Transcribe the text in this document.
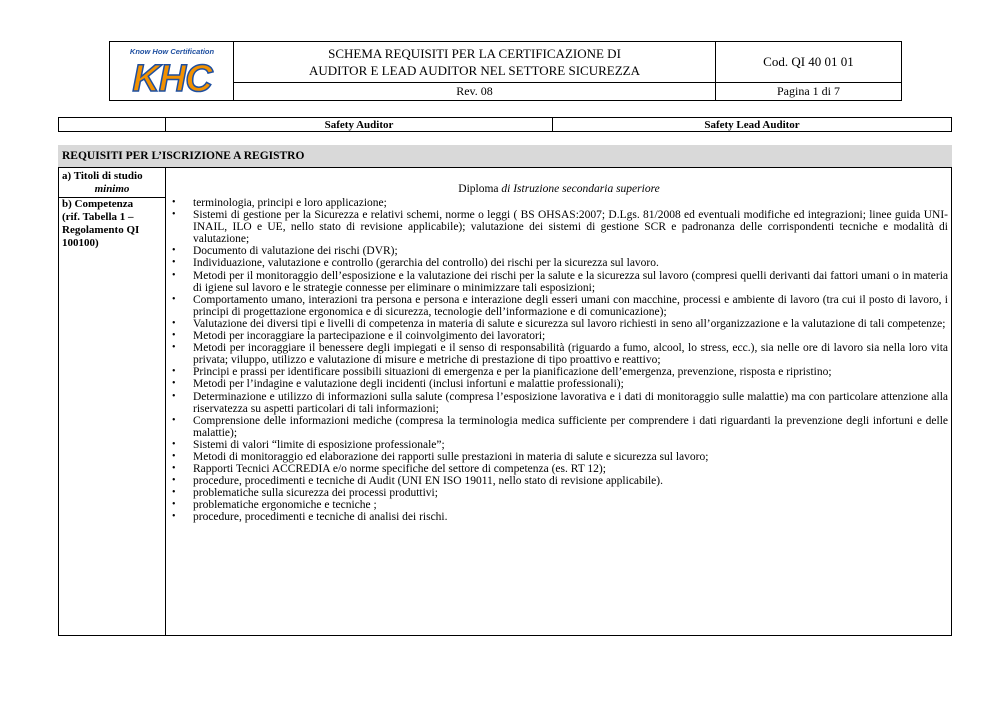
Know How Certification
KHC
SCHEMA REQUISITI PER LA CERTIFICAZIONE DI
AUDITOR E LEAD AUDITOR NEL SETTORE SICUREZZA
Cod. QI 40 01 01
Rev. 08	Pagina 1 di 7
Safety Auditor	Safety Lead Auditor
REQUISITI PER L’ISCRIZIONE A REGISTRO
a) Titoli di studio
minimo	Diploma di Istruzione secondaria superiore
b) Competenza
(rif. Tabella 1 –
Regolamento QI
100100)
• terminologia, principi e loro applicazione;
• Sistemi di gestione per la Sicurezza e relativi schemi, norme o leggi ( BS OHSAS:2007; D.Lgs. 81/2008 ed eventuali modifiche ed integrazioni; linee guida UNI-INAIL, ILO e UE, nello stato di revisione applicabile); valutazione dei sistemi di gestione SCR e padronanza delle corrispondenti tecniche e modalità di valutazione;
• Documento di valutazione dei rischi (DVR);
• Individuazione, valutazione e controllo (gerarchia del controllo) dei rischi per la sicurezza sul lavoro.
• Metodi per il monitoraggio dell’esposizione e la valutazione dei rischi per la salute e la sicurezza sul lavoro (compresi quelli derivanti dai fattori umani o in materia di igiene sul lavoro e le strategie connesse per eliminare o minimizzare tali esposizioni;
• Comportamento umano, interazioni tra persona e persona e interazione degli esseri umani con macchine, processi e ambiente di lavoro (tra cui il posto di lavoro, i principi di progettazione ergonomica e di sicurezza, tecnologie dell’informazione e di comunicazione);
• Valutazione dei diversi tipi e livelli di competenza in materia di salute e sicurezza sul lavoro richiesti in seno all’organizzazione e la valutazione di tali competenze;
• Metodi per incoraggiare la partecipazione e il coinvolgimento dei lavoratori;
• Metodi per incoraggiare il benessere degli impiegati e il senso di responsabilità (riguardo a fumo, alcool, lo stress, ecc.), sia nelle ore di lavoro sia nella loro vita privata; viluppo, utilizzo e valutazione di misure e metriche di prestazione di tipo proattivo e reattivo;
• Principi e prassi per identificare possibili situazioni di emergenza e per la pianificazione dell’emergenza, prevenzione, risposta e ripristino;
• Metodi per l’indagine e valutazione degli incidenti (inclusi infortuni e malattie professionali);
• Determinazione e utilizzo di informazioni sulla salute (compresa l’esposizione lavorativa e i dati di monitoraggio sulle malattie) ma con particolare attenzione alla riservatezza su aspetti particolari di tali informazioni;
• Comprensione delle informazioni mediche (compresa la terminologia medica sufficiente per comprendere i dati riguardanti la prevenzione degli infortuni e delle malattie);
• Sistemi di valori “limite di esposizione professionale”;
• Metodi di monitoraggio ed elaborazione dei rapporti sulle prestazioni in materia di salute e sicurezza sul lavoro;
• Rapporti Tecnici ACCREDIA e/o norme specifiche del settore di competenza (es. RT 12);
• procedure, procedimenti e tecniche di Audit (UNI EN ISO 19011, nello stato di revisione applicabile).
• problematiche sulla sicurezza dei processi produttivi;
• problematiche ergonomiche e tecniche ;
• procedure, procedimenti e tecniche di analisi dei rischi.
